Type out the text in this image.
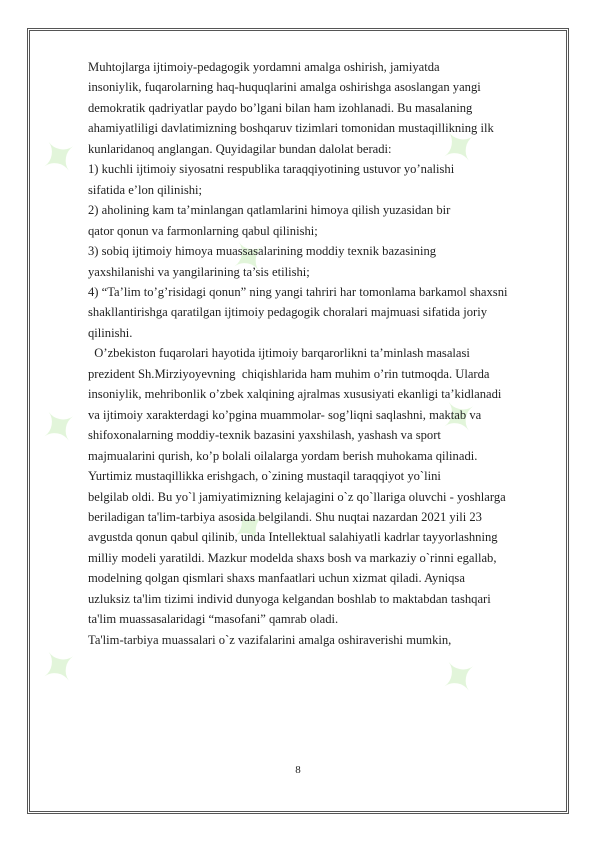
✦
✦
✦
✦
✦
✦
✦
✦
Muhtojlarga ijtimoiy-pedagogik yordamni amalga oshirish, jamiyatda
insoniylik, fuqarolarning haq-huquqlarini amalga oshirishga asoslangan yangi
demokratik qadriyatlar paydo bo’lgani bilan ham izohlanadi. Bu masalaning
ahamiyatliligi davlatimizning boshqaruv tizimlari tomonidan mustaqillikning ilk
kunlaridanoq anglangan. Quyidagilar bundan dalolat beradi:
1) kuchli ijtimoiy siyosatni respublika taraqqiyotining ustuvor yo’nalishi
sifatida e’lon qilinishi;
2) aholining kam ta’minlangan qatlamlarini himoya qilish yuzasidan bir
qator qonun va farmonlarning qabul qilinishi;
3) sobiq ijtimoiy himoya muassasalarining moddiy texnik bazasining
yaxshilanishi va yangilarining ta’sis etilishi;
4) “Ta’lim to’g’risidagi qonun” ning yangi tahriri har tomonlama barkamol shaxsni
shakllantirishga qaratilgan ijtimoiy pedagogik choralari majmuasi sifatida joriy
qilinishi.
O’zbekiston fuqarolari hayotida ijtimoiy barqarorlikni ta’minlash masalasi
prezident Sh.Mirziyoyevning  chiqishlarida ham muhim o’rin tutmoqda. Ularda
insoniylik, mehribonlik o’zbek xalqining ajralmas xususiyati ekanligi ta’kidlanadi
va ijtimoiy xarakterdagi ko’pgina muammolar- sog’liqni saqlashni, maktab va
shifoxonalarning moddiy-texnik bazasini yaxshilash, yashash va sport
majmualarini qurish, ko’p bolali oilalarga yordam berish muhokama qilinadi.
Yurtimiz mustaqillikka erishgach, o`zining mustaqil taraqqiyot yo`lini
belgilab oldi. Bu yo`l jamiyatimizning kelajagini o`z qo`llariga oluvchi - yoshlarga
beriladigan ta'lim-tarbiya asosida belgilandi. Shu nuqtai nazardan 2021 yili 23
avgustda qonun qabul qilinib, unda Intellektual salahiyatli kadrlar tayyorlashning
milliy modeli yaratildi. Mazkur modelda shaxs bosh va markaziy o`rinni egallab,
modelning qolgan qismlari shaxs manfaatlari uchun xizmat qiladi. Ayniqsa
uzluksiz ta'lim tizimi individ dunyoga kelgandan boshlab to maktabdan tashqari
ta'lim muassasalaridagi “masofani” qamrab oladi.
Ta'lim-tarbiya muassalari o`z vazifalarini amalga oshiraverishi mumkin,
8
